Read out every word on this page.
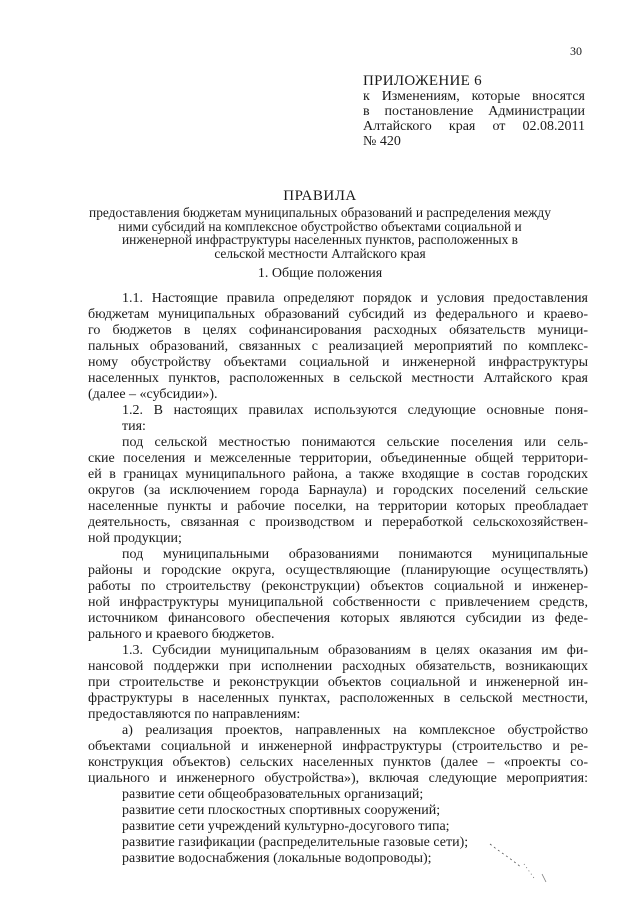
30
ПРИЛОЖЕНИЕ 6
к Изменениям, которые вносятся
в постановление Администрации
Алтайского края от 02.08.2011
№ 420
ПРАВИЛА
предоставления бюджетам муниципальных образований и распределения между
ними субсидий на комплексное обустройство объектами социальной и
инженерной инфраструктуры населенных пунктов, расположенных в
сельской местности Алтайского края
1. Общие положения
1.1. Настоящие правила определяют порядок и условия предоставления
бюджетам муниципальных образований субсидий из федерального и краево-
го бюджетов в целях софинансирования расходных обязательств муници-
пальных образований, связанных с реализацией мероприятий по комплекс-
ному обустройству объектами социальной и инженерной инфраструктуры
населенных пунктов, расположенных в сельской местности Алтайского края
(далее – «субсидии»).
1.2. В настоящих правилах используются следующие основные поня-
тия:
под сельской местностью понимаются сельские поселения или сель-
ские поселения и межселенные территории, объединенные общей территори-
ей в границах муниципального района, а также входящие в состав городских
округов (за исключением города Барнаула) и городских поселений сельские
населенные пункты и рабочие поселки, на территории которых преобладает
деятельность, связанная с производством и переработкой сельскохозяйствен-
ной продукции;
под муниципальными образованиями понимаются муниципальные
районы и городские округа, осуществляющие (планирующие осуществлять)
работы по строительству (реконструкции) объектов социальной и инженер-
ной инфраструктуры муниципальной собственности с привлечением средств,
источником финансового обеспечения которых являются субсидии из феде-
рального и краевого бюджетов.
1.3. Субсидии муниципальным образованиям в целях оказания им фи-
нансовой поддержки при исполнении расходных обязательств, возникающих
при строительстве и реконструкции объектов социальной и инженерной ин-
фраструктуры в населенных пунктах, расположенных в сельской местности,
предоставляются по направлениям:
а) реализация проектов, направленных на комплексное обустройство
объектами социальной и инженерной инфраструктуры (строительство и ре-
конструкция объектов) сельских населенных пунктов (далее – «проекты со-
циального и инженерного обустройства»), включая следующие мероприятия:
развитие сети общеобразовательных организаций;
развитие сети плоскостных спортивных сооружений;
развитие сети учреждений культурно-досугового типа;
развитие газификации (распределительные газовые сети);
развитие водоснабжения (локальные водопроводы);
